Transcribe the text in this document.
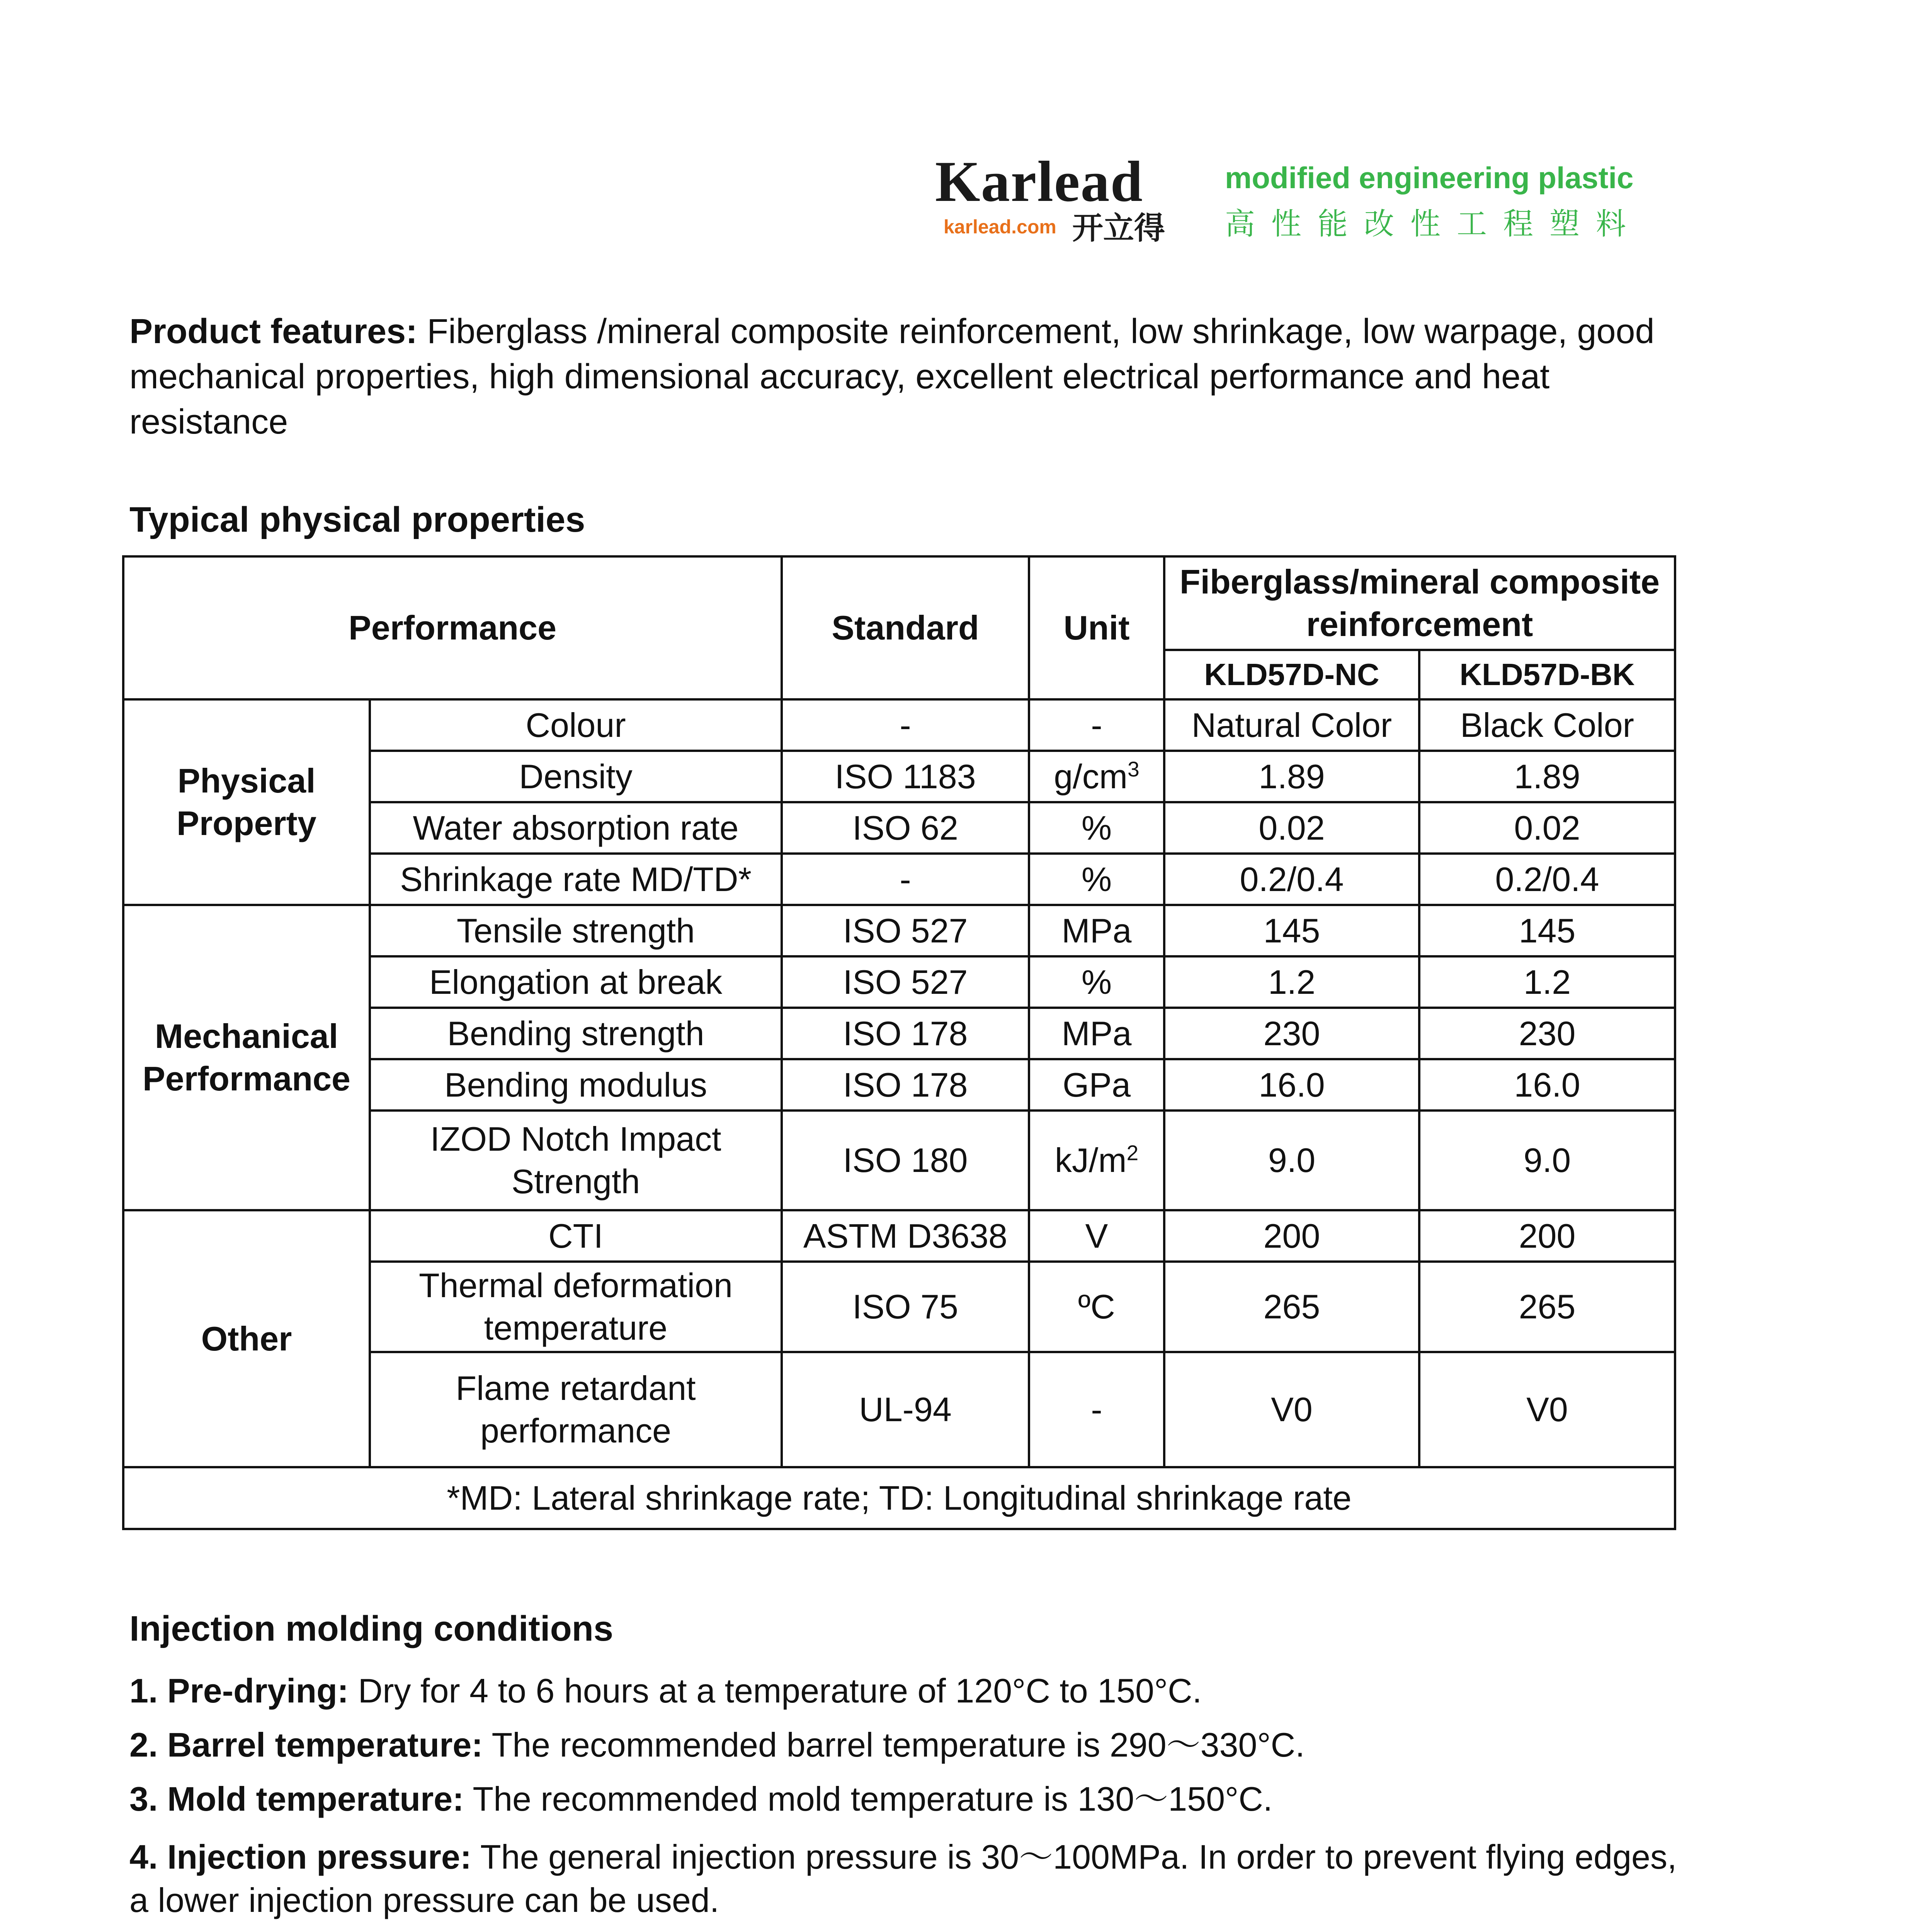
Karlead
karlead.com 开立得
modified engineering plastic
高性能改性工程塑料
Product features: Fiberglass /mineral composite reinforcement, low shrinkage, low warpage, good mechanical properties, high dimensional accuracy, excellent electrical performance and heat resistance
Typical physical properties
Performance		Standard	Unit	Fiberglass/mineral composite reinforcement	
				KLD57D-NC	KLD57D-BK
Physical Property	Colour	-	-	Natural Color	Black Color
	Density	ISO 1183	$g/cm^3$	1.89	1.89
	Water absorption rate	ISO 62	%	0.02	0.02
	Shrinkage rate MD/TD*	-	%	0.2/0.4	0.2/0.4
Mechanical Performance	Tensile strength	ISO 527	MPa	145	145
	Elongation at break	ISO 527	%	1.2	1.2
	Bending strength	ISO 178	MPa	230	230
	Bending modulus	ISO 178	GPa	16.0	16.0
	IZOD Notch Impact Strength	ISO 180	$kJ/m^2$	9.0	9.0
Other	CTI	ASTM D3638	V	200	200
	Thermal deformation temperature	ISO 75	ºC	265	265
	Flame retardant performance	UL-94	-	V0	V0
*MD: Lateral shrinkage rate; TD: Longitudinal shrinkage rate					
Injection molding conditions
1. Pre-drying: Dry for 4 to 6 hours at a temperature of 120°C to 150°C.
2. Barrel temperature: The recommended barrel temperature is 290～330°C.
3. Mold temperature: The recommended mold temperature is 130～150°C.
4. Injection pressure: The general injection pressure is 30～100MPa. In order to prevent flying edges, a lower injection pressure can be used.
